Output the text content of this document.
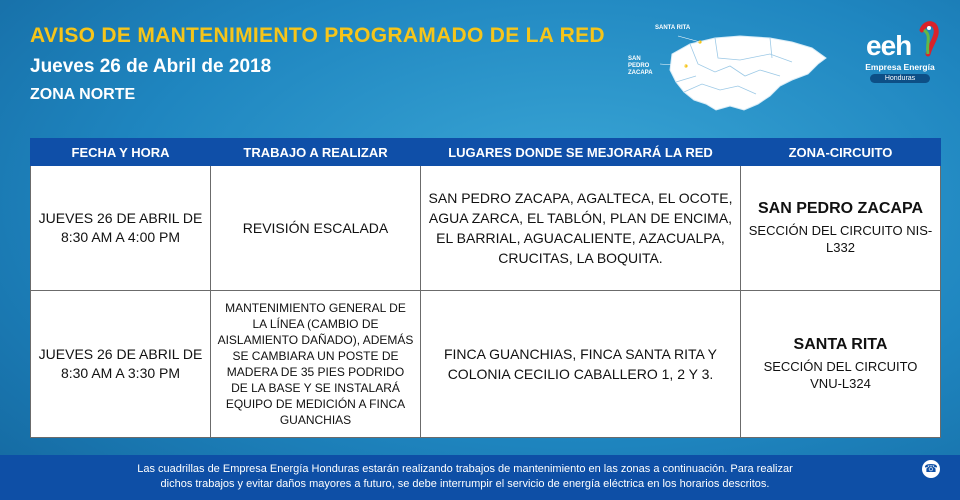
AVISO DE MANTENIMIENTO PROGRAMADO DE LA RED
Jueves 26 de Abril de 2018
ZONA NORTE
SANTA RITA
SAN PEDRO ZACAPA
eeh
Empresa Energía
Honduras
FECHA Y HORA	TRABAJO A REALIZAR	LUGARES DONDE SE MEJORARÁ LA RED	ZONA-CIRCUITO
JUEVES 26 DE ABRIL DE 8:30 AM A 4:00 PM	REVISIÓN ESCALADA	SAN PEDRO ZACAPA, AGALTECA, EL OCOTE, AGUA ZARCA, EL TABLÓN, PLAN DE ENCIMA, EL BARRIAL, AGUACALIENTE, AZACUALPA, CRUCITAS, LA BOQUITA.	SAN PEDRO ZACAPA
SECCIÓN DEL CIRCUITO NIS-L332

JUEVES 26 DE ABRIL DE 8:30 AM A 3:30 PM	MANTENIMIENTO GENERAL DE LA LÍNEA (CAMBIO DE AISLAMIENTO DAÑADO), ADEMÁS SE CAMBIARA UN POSTE DE MADERA DE 35 PIES PODRIDO DE LA BASE Y SE INSTALARÁ EQUIPO DE MEDICIÓN A FINCA GUANCHIAS	FINCA GUANCHIAS, FINCA SANTA RITA Y COLONIA CECILIO CABALLERO 1, 2 Y 3.	SANTA RITA
SECCIÓN DEL CIRCUITO VNU-L324
Las cuadrillas de Empresa Energía Honduras estarán realizando trabajos de mantenimiento en las zonas a continuación. Para realizar dichos trabajos y evitar daños mayores a futuro, se debe interrumpir el servicio de energía eléctrica en los horarios descritos.
☎
